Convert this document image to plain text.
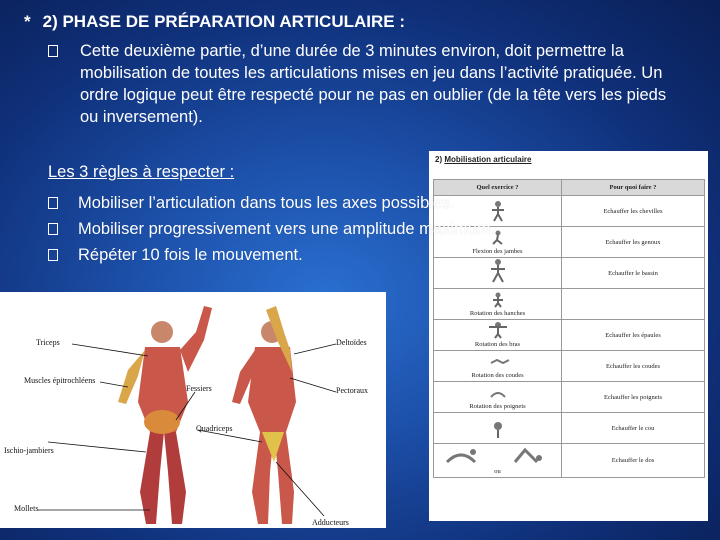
* 2) PHASE DE PRÉPARATION ARTICULAIRE :
Cette deuxième partie, d’une durée de 3 minutes environ, doit permettre la mobilisation de toutes les articulations mises en jeu dans l’activité pratiquée. Un ordre logique peut être respecté pour ne pas en oublier (de la tête vers les pieds ou inversement).
2) Mobilisation articulaire
Quel exercice ?	Pour quoi faire ?

	Echauffer les chevilles

Flexion des jambes	Echauffer les genoux

	Echauffer le bassin

Rotation des hanches	

Rotation des bras	Echauffer les épaules

Rotation des coudes	Echauffer les coudes

Rotation des poignets	Echauffer les poignets

	Echauffer le cou

ou	Echauffer le dos
Les 3 règles à respecter :
Mobiliser l’articulation dans tous les axes possibles.
Mobiliser progressivement vers une amplitude maximum.
Répéter 10 fois le mouvement.
Triceps
Muscles épitrochléens
Ischio-jambiers
Mollets
Fessiers
Quadriceps
Deltoïdes
Pectoraux
Adducteurs
